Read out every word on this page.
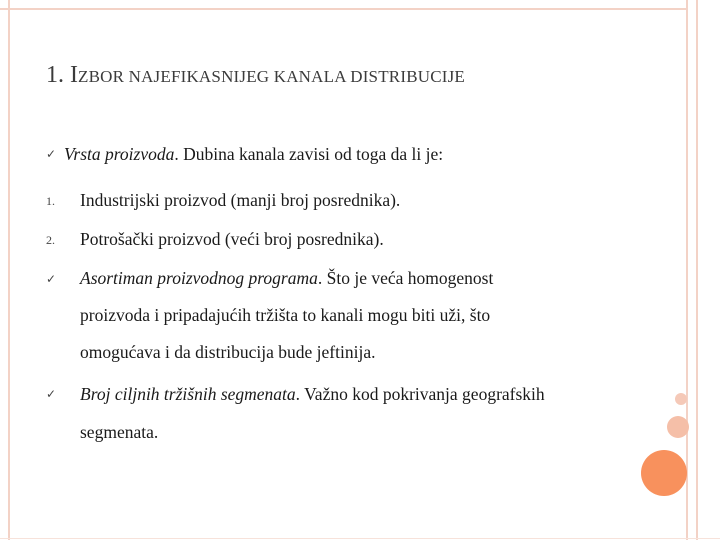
1. IZBOR NAJEFIKASNIJEG KANALA DISTRIBUCIJE
✓ Vrsta proizvoda. Dubina kanala zavisi od toga da li je:
1. Industrijski proizvod (manji broj posrednika).
2. Potrošački proizvod (veći broj posrednika).
✓ Asortiman proizvodnog programa. Što je veća homogenost
proizvoda i pripadajućih tržišta to kanali mogu biti uži, što
omogućava i da distribucija bude jeftinija.
✓ Broj ciljnih tržišnih segmenata. Važno kod pokrivanja geografskih
segmenata.
